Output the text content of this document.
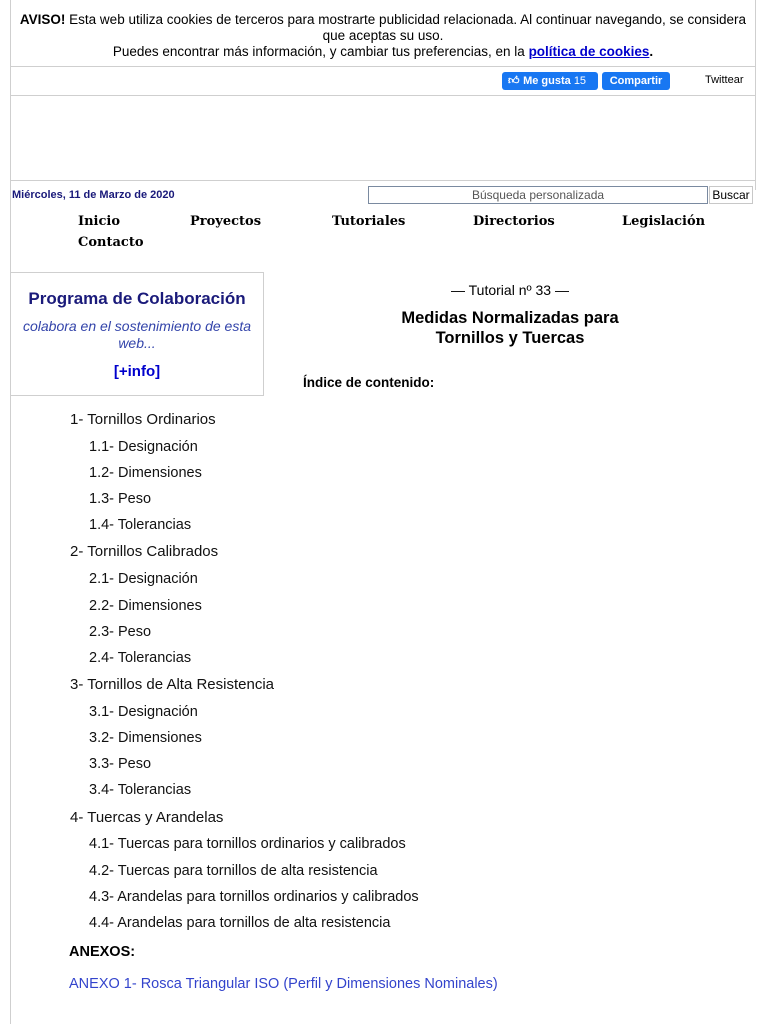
AVISO! Esta web utiliza cookies de terceros para mostrarte publicidad relacionada. Al continuar navegando, se considera que aceptas su uso.
Puedes encontrar más información, y cambiar tus preferencias, en la política de cookies.
👍︎ Me gusta 15	Compartir	Twittear
Miércoles, 11 de Marzo de 2020	Búsqueda personalizada	Buscar
Inicio	Proyectos	Tutoriales	Directorios	Legislación
Contacto
Programa de Colaboración
colabora en el sostenimiento de esta web...
[+info]
— Tutorial nº 33 —
Medidas Normalizadas para
Tornillos y Tuercas
Índice de contenido:
1- Tornillos Ordinarios
1.1- Designación
1.2- Dimensiones
1.3- Peso
1.4- Tolerancias
2- Tornillos Calibrados
2.1- Designación
2.2- Dimensiones
2.3- Peso
2.4- Tolerancias
3- Tornillos de Alta Resistencia
3.1- Designación
3.2- Dimensiones
3.3- Peso
3.4- Tolerancias
4- Tuercas y Arandelas
4.1- Tuercas para tornillos ordinarios y calibrados
4.2- Tuercas para tornillos de alta resistencia
4.3- Arandelas para tornillos ordinarios y calibrados
4.4- Arandelas para tornillos de alta resistencia
ANEXOS:
ANEXO 1- Rosca Triangular ISO (Perfil y Dimensiones Nominales)
